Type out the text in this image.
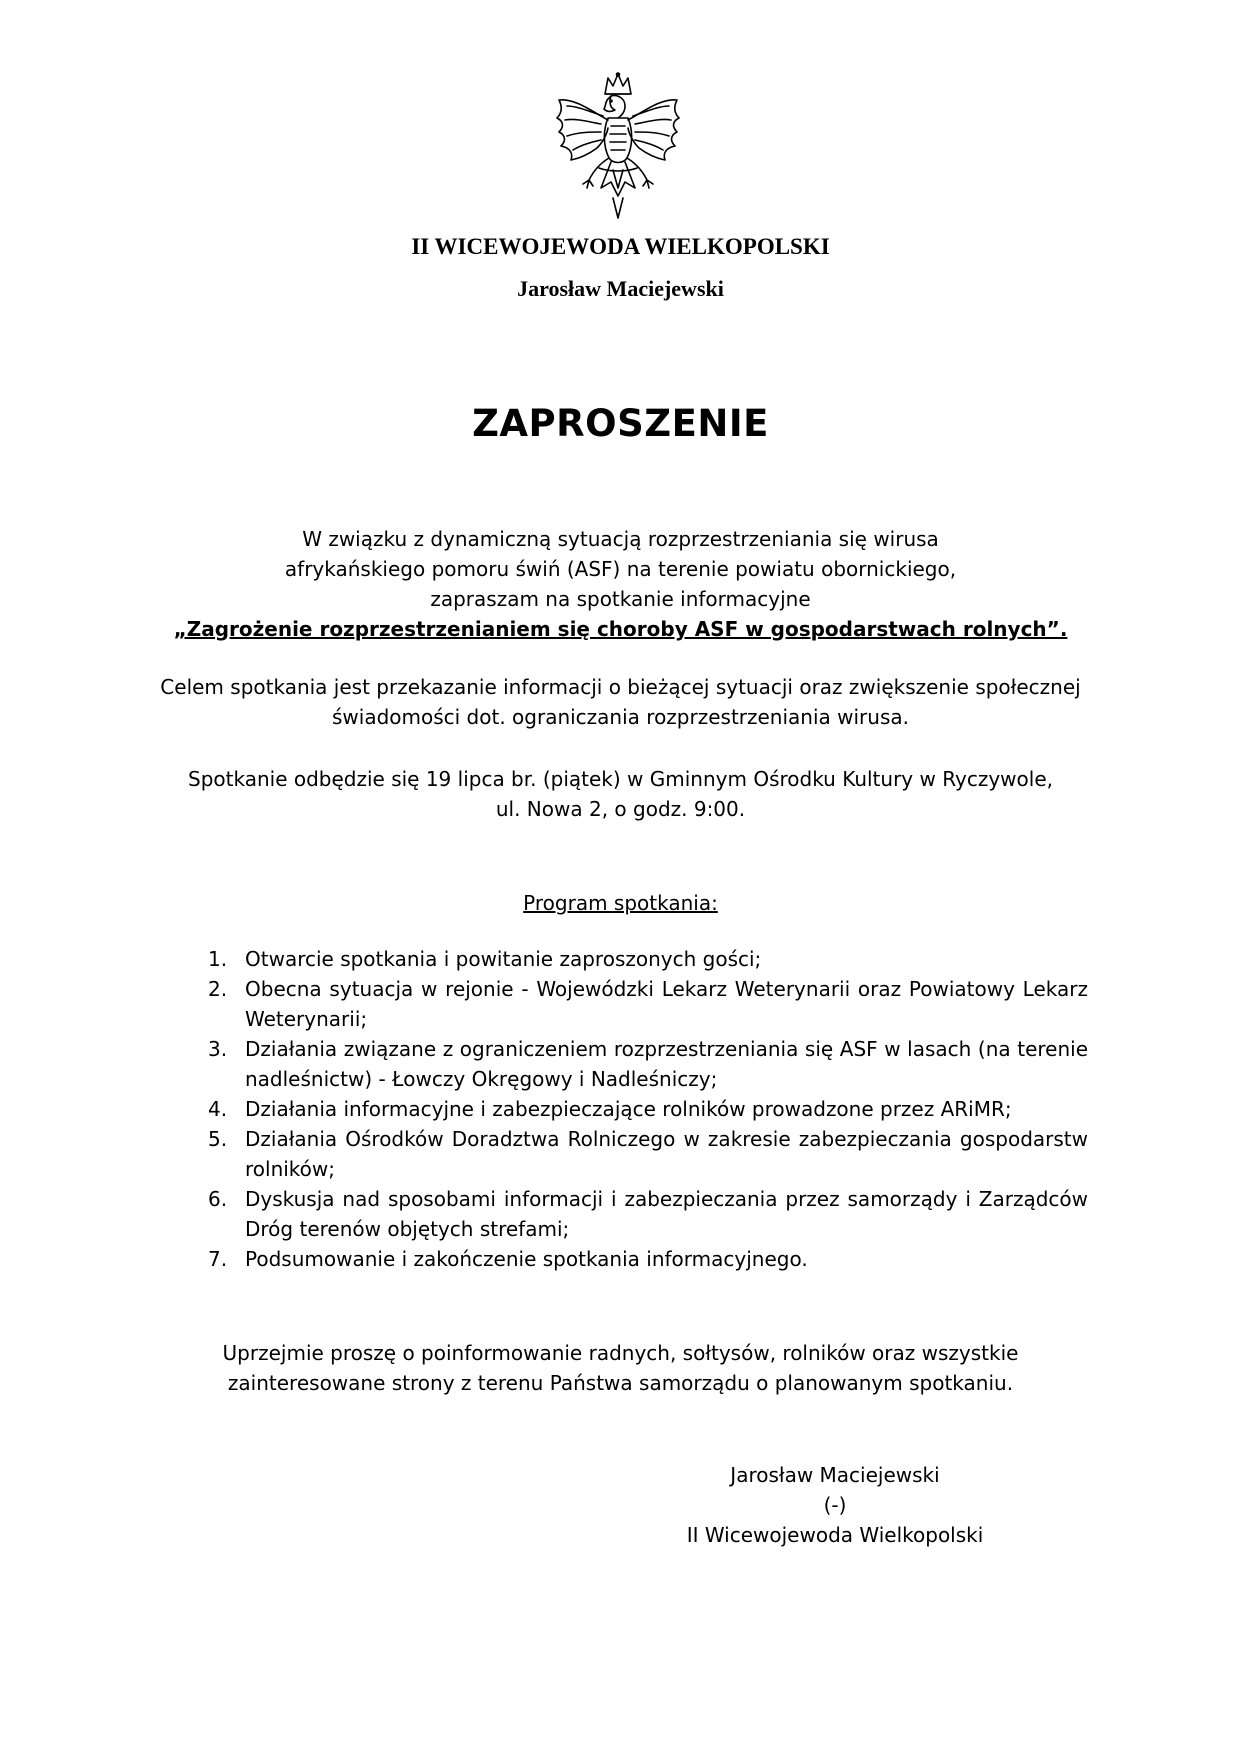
II WICEWOJEWODA WIELKOPOLSKI
Jarosław Maciejewski
ZAPROSZENIE
W związku z dynamiczną sytuacją rozprzestrzeniania się wirusa
afrykańskiego pomoru świń (ASF) na terenie powiatu obornickiego,
zapraszam na spotkanie informacyjne
„Zagrożenie rozprzestrzenianiem się choroby ASF w gospodarstwach rolnych”.
Celem spotkania jest przekazanie informacji o bieżącej sytuacji oraz zwiększenie społecznej
świadomości dot. ograniczania rozprzestrzeniania wirusa.
Spotkanie odbędzie się 19 lipca br. (piątek) w Gminnym Ośrodku Kultury w Ryczywole,
ul. Nowa 2, o godz. 9:00.
Program spotkania:
1. Otwarcie spotkania i powitanie zaproszonych gości;
2. Obecna sytuacja w rejonie - Wojewódzki Lekarz Weterynarii oraz Powiatowy Lekarz Weterynarii;
3. Działania związane z ograniczeniem rozprzestrzeniania się ASF w lasach (na terenie nadleśnictw) - Łowczy Okręgowy i Nadleśniczy;
4. Działania informacyjne i zabezpieczające rolników prowadzone przez ARiMR;
5. Działania Ośrodków Doradztwa Rolniczego w zakresie zabezpieczania gospodarstw rolników;
6. Dyskusja nad sposobami informacji i zabezpieczania przez samorządy i Zarządców Dróg terenów objętych strefami;
7. Podsumowanie i zakończenie spotkania informacyjnego.
Uprzejmie proszę o poinformowanie radnych, sołtysów, rolników oraz wszystkie
zainteresowane strony z terenu Państwa samorządu o planowanym spotkaniu.
Jarosław Maciejewski
(-)
II Wicewojewoda Wielkopolski
